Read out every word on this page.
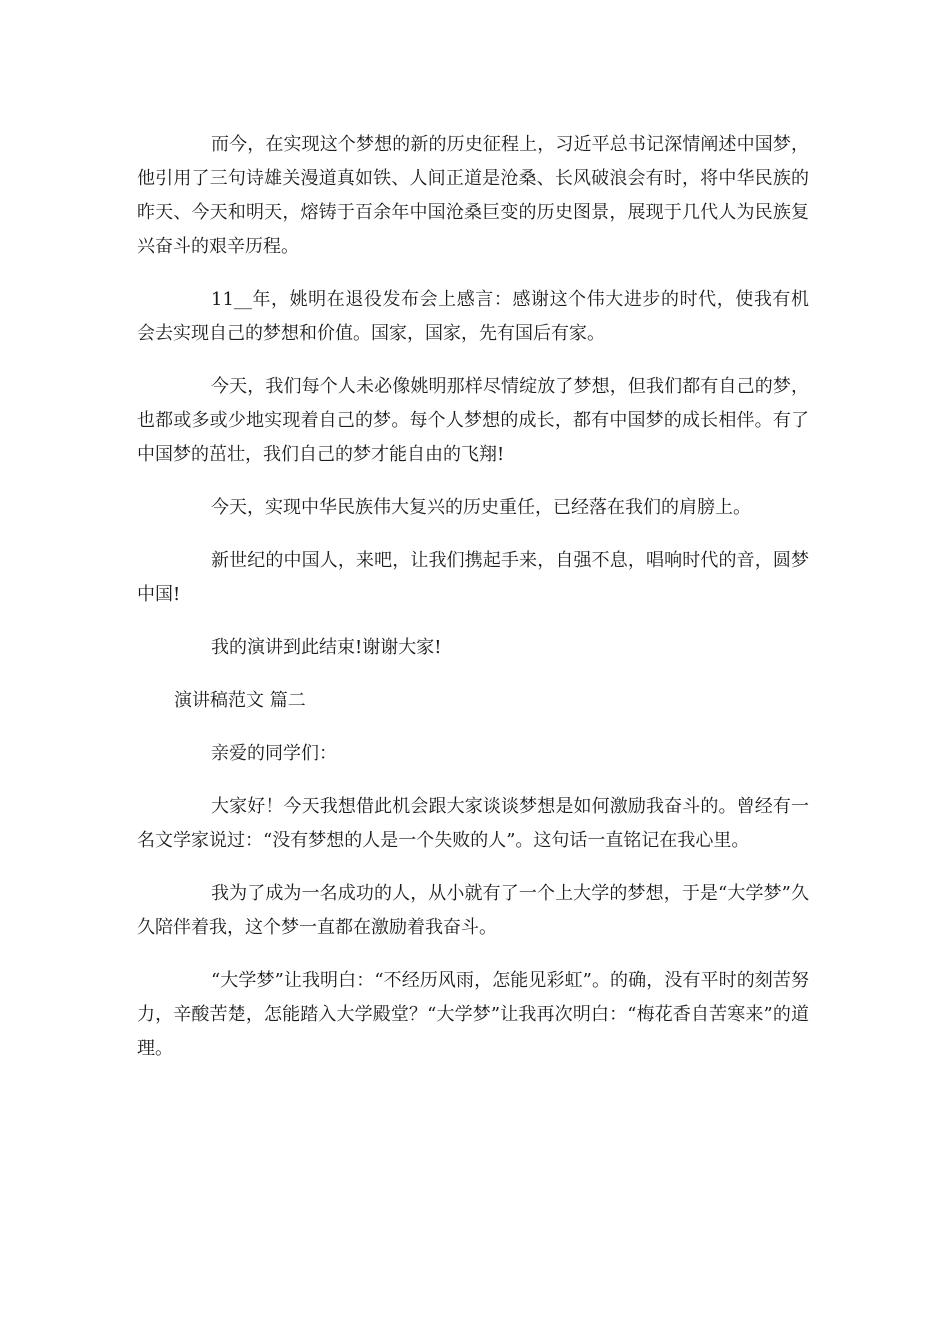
而今，在实现这个梦想的新的历史征程上，习近平总书记深情阐述中国梦，他引用了三句诗雄关漫道真如铁、人间正道是沧桑、长风破浪会有时，将中华民族的昨天、今天和明天，熔铸于百余年中国沧桑巨变的历史图景，展现于几代人为民族复兴奋斗的艰辛历程。

11__年，姚明在退役发布会上感言：感谢这个伟大进步的时代，使我有机会去实现自己的梦想和价值。国家，国家，先有国后有家。

今天，我们每个人未必像姚明那样尽情绽放了梦想，但我们都有自己的梦，也都或多或少地实现着自己的梦。每个人梦想的成长，都有中国梦的成长相伴。有了中国梦的茁壮，我们自己的梦才能自由的飞翔!

今天，实现中华民族伟大复兴的历史重任，已经落在我们的肩膀上。

新世纪的中国人，来吧，让我们携起手来，自强不息，唱响时代的音，圆梦中国!

我的演讲到此结束!谢谢大家!

演讲稿范文 篇二

亲爱的同学们：

大家好！今天我想借此机会跟大家谈谈梦想是如何激励我奋斗的。曾经有一名文学家说过：“没有梦想的人是一个失败的人”。这句话一直铭记在我心里。

我为了成为一名成功的人，从小就有了一个上大学的梦想，于是“大学梦”久久陪伴着我，这个梦一直都在激励着我奋斗。

“大学梦”让我明白：“不经历风雨，怎能见彩虹”。的确，没有平时的刻苦努力，辛酸苦楚，怎能踏入大学殿堂？“大学梦”让我再次明白：“梅花香自苦寒来”的道理。
